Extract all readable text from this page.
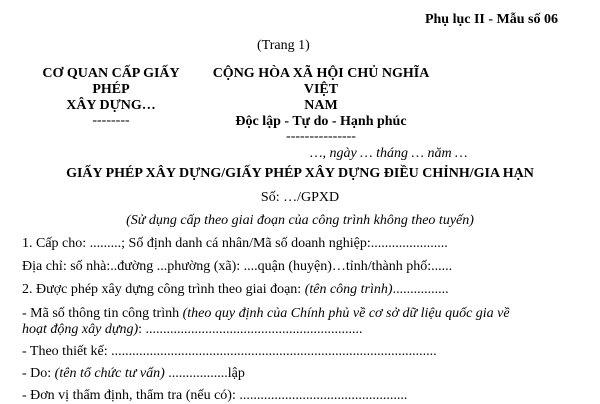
Phụ lục II - Mẫu số 06
(Trang 1)
CƠ QUAN CẤP GIẤY
PHÉP
XÂY DỰNG…
--------
CỘNG HÒA XÃ HỘI CHỦ NGHĨA VIỆT
NAM
Độc lập - Tự do - Hạnh phúc
---------------
…, ngày … tháng … năm …
GIẤY PHÉP XÂY DỰNG/GIẤY PHÉP XÂY DỰNG ĐIỀU CHỈNH/GIA HẠN
Số: …/GPXD
(Sử dụng cấp theo giai đoạn của công trình không theo tuyến)
1. Cấp cho: .........; Số định danh cá nhân/Mã số doanh nghiệp:......................
Địa chỉ: số nhà:..đường ...phường (xã): ....quận (huyện)…tỉnh/thành phố:......
2. Được phép xây dựng công trình theo giai đoạn: (tên công trình)................
- Mã số thông tin công trình (theo quy định của Chính phủ về cơ sở dữ liệu quốc gia về
hoạt động xây dựng): ..............................................................
- Theo thiết kế: .............................................................................................
- Do: (tên tổ chức tư vấn) .................lập
- Đơn vị thẩm định, thẩm tra (nếu có): ................................................
